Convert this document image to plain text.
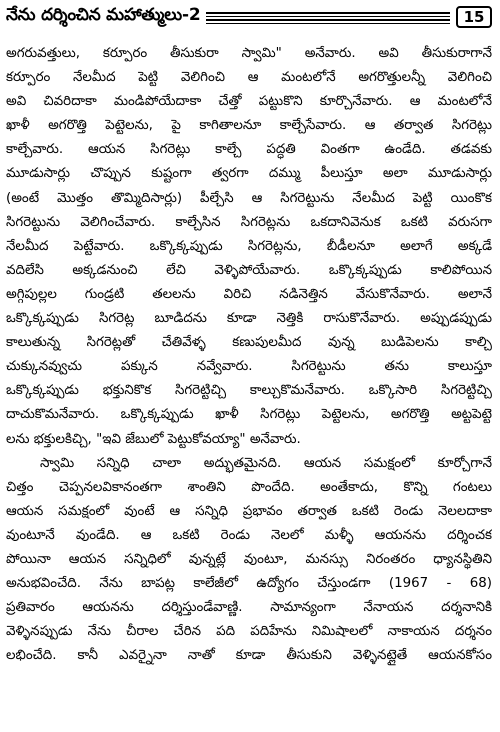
నేను దర్శించిన మహాత్ములు-2	15
అగరువత్తులు, కర్పూరం తీసుకురా స్వామి" అనేవారు. అవి తీసుకురాగానే
కర్పూరం నేలమీద పెట్టి వెలిగించి ఆ మంటలోనే అగరొత్తులన్నీ వెలిగించి
అవి చివరిదాకా మండిపోయేదాకా చేత్తో పట్టుకొని కూర్చొనేవారు. ఆ మంటలోనే
ఖాళీ అగరొత్తి పెట్టెలను, పై కాగితాలనూ కాల్చేసేవారు. ఆ తర్వాత సిగరెట్లు
కాల్చేవారు. ఆయన సిగరెట్లు కాల్చే పద్ధతి వింతగా ఉండేది. తడవకు
మూడుసార్లు చొప్పున కుష్టంగా త్వరగా దమ్ము పీలుస్తూ అలా మూడుసార్లు
(అంటే మొత్తం తొమ్మిదిసార్లు) పీల్చేసి ఆ సిగరెట్టును నేలమీద పెట్టి యింకొక
సిగరెట్టును వెలిగించేవారు. కాల్చేసిన సిగరెట్లను ఒకదానివెనుక ఒకటి వరుసగా
నేలమీద పెట్టేవారు. ఒక్కొక్కప్పుడు సిగరెట్లను, బీడీలనూ అలాగే అక్కడే
వదిలేసి అక్కడనుంచి లేచి వెళ్ళిపోయేవారు. ఒక్కొక్కప్పుడు కాలిపోయిన
అగ్గిపుల్లల గుండ్రటి తలలను విరిచి నడినెత్తిన వేసుకొనేవారు. అలానే
ఒక్కొక్కప్పుడు సిగరెట్ల బూడిదను కూడా నెత్తికి రాసుకొనేవారు. అప్పుడప్పుడు
కాలుతున్న సిగరెట్లతో చేతివేళ్ళ కణుపులమీద వున్న బుడిపెలను కాల్చి
చుక్కునవ్వుచు పక్కున నవ్వేవారు. సిగరెట్టును తను కాలుస్తూ
ఒక్కొక్కప్పుడు భక్తునికొక సిగరెట్టిచ్చి కాల్చుకొమనేవారు. ఒక్కొసారి సిగరెట్టిచ్చి
దాచుకొమనేవారు. ఒక్కొక్కప్పుడు ఖాళీ సిగరెట్లు పెట్టెలను, అగరొత్తి అట్టపెట్టె
లను భక్తులకిచ్చి, "ఇవి జేబులో పెట్టుకోవయ్యా" అనేవారు.
స్వామి సన్నిధి చాలా అద్భుతమైనది. ఆయన సమక్షంలో కూర్చోగానే
చిత్తం చెప్పనలవికానంతగా శాంతిని పొందేది. అంతేకాదు, కొన్ని గంటలు
ఆయన సమక్షంలో వుంటే ఆ సన్నిధి ప్రభావం తర్వాత ఒకటి రెండు నెలలదాకా
వుంటూనే వుండేది. ఆ ఒకటి రెండు నెలలో మళ్ళీ ఆయనను దర్శించక
పోయినా ఆయన సన్నిధిలో వున్నట్లే వుంటూ, మనస్సు నిరంతరం ధ్యానస్థితిని
అనుభవించేది. నేను బాపట్ల కాలేజీలో ఉద్యోగం చేస్తుండగా (1967 - 68)
ప్రతివారం ఆయనను దర్శిస్తుండేవాణ్ణి. సామాన్యంగా నేనాయన దర్శనానికి
వెళ్ళినప్పుడు నేను చీరాల చేరిన పది పదిహేను నిమిషాలలో నాకాయన దర్శనం
లభించేది. కానీ ఎవర్నైనా నాతో కూడా తీసుకుని వెళ్ళినట్లైతే ఆయనకోసం
